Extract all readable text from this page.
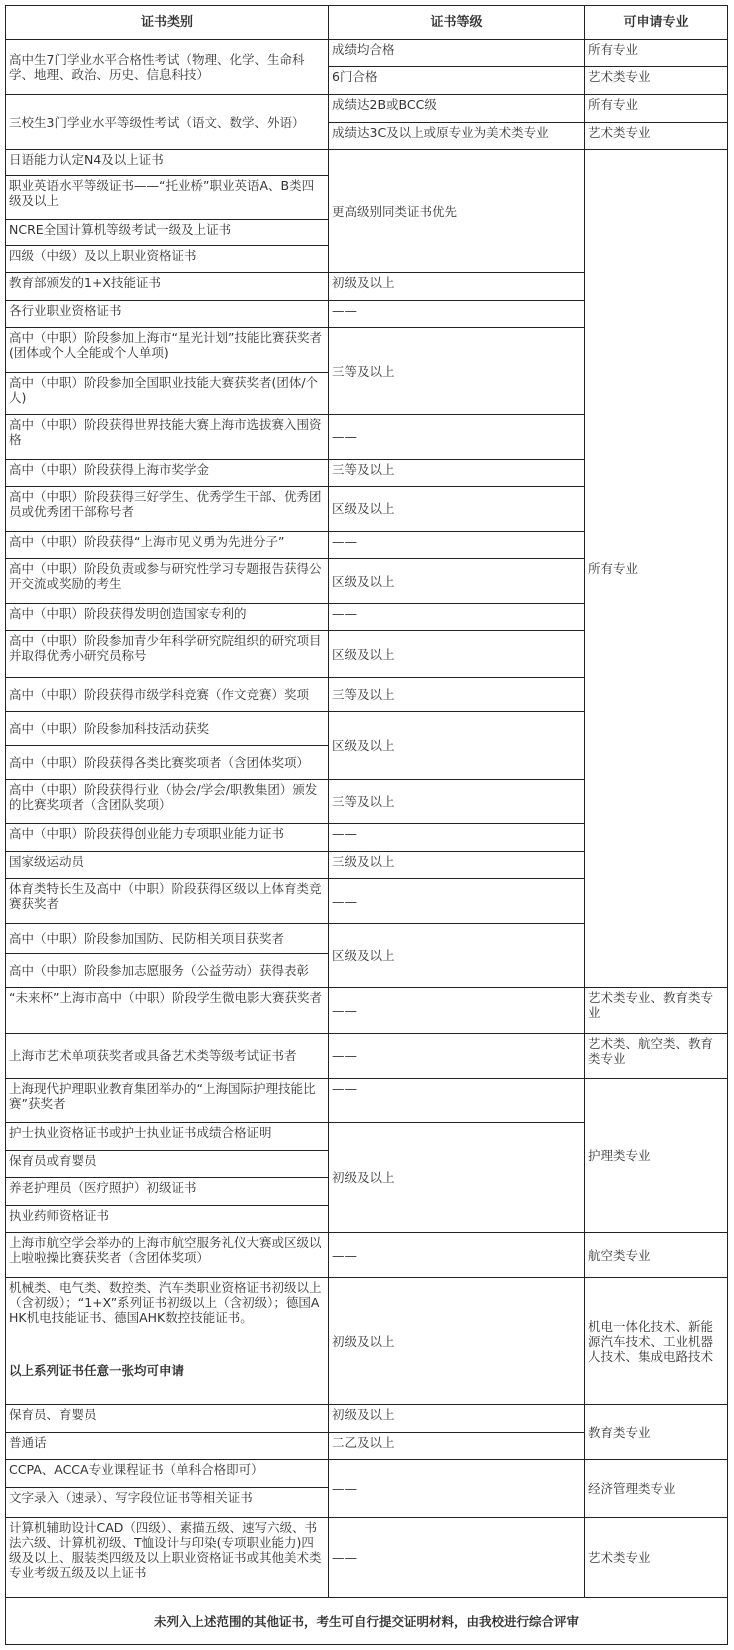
证书类别	证书等级	可申请专业
高中生7门学业水平合格性考试（物理、化学、生命科学、地理、政治、历史、信息科技）	成绩均合格	所有专业
	6门合格	艺术类专业
三校生3门学业水平等级性考试（语文、数学、外语）	成绩达2B或BCC级	所有专业
	成绩达3C及以上或原专业为美术类专业	艺术类专业
日语能力认定N4及以上证书	更高级别同类证书优先	所有专业
职业英语水平等级证书——“托业桥”职业英语A、B类四级及以上		
NCRE全国计算机等级考试一级及上证书		
四级（中级）及以上职业资格证书		
教育部颁发的1+X技能证书	初级及以上	
各行业职业资格证书	——	
高中（中职）阶段参加上海市“星光计划”技能比赛获奖者(团体或个人全能或个人单项)	三等及以上	
高中（中职）阶段参加全国职业技能大赛获奖者(团体/个人)		
高中（中职）阶段获得世界技能大赛上海市选拔赛入围资格	——	
高中（中职）阶段获得上海市奖学金	三等及以上	
高中（中职）阶段获得三好学生、优秀学生干部、优秀团员或优秀团干部称号者	区级及以上	
高中（中职）阶段获得“上海市见义勇为先进分子”	——	
高中（中职）阶段负责或参与研究性学习专题报告获得公开交流或奖励的考生	区级及以上	
高中（中职）阶段获得发明创造国家专利的	——	
高中（中职）阶段参加青少年科学研究院组织的研究项目并取得优秀小研究员称号	区级及以上	
高中（中职）阶段获得市级学科竞赛（作文竞赛）奖项	三等及以上	
高中（中职）阶段参加科技活动获奖	区级及以上	
高中（中职）阶段获得各类比赛奖项者（含团体奖项）		
高中（中职）阶段获得行业（协会/学会/职教集团）颁发的比赛奖项者（含团队奖项）	三等及以上	
高中（中职）阶段获得创业能力专项职业能力证书	——	
国家级运动员	三级及以上	
体育类特长生及高中（中职）阶段获得区级以上体育类竞赛获奖者	——	
高中（中职）阶段参加国防、民防相关项目获奖者	区级及以上	
高中（中职）阶段参加志愿服务（公益劳动）获得表彰		
“未来杯”上海市高中（中职）阶段学生微电影大赛获奖者	——	艺术类专业、教育类专业
上海市艺术单项获奖者或具备艺术类等级考试证书者	——	艺术类、航空类、教育类专业
上海现代护理职业教育集团举办的“上海国际护理技能比赛”获奖者	——	护理类专业
护士执业资格证书或护士执业证书成绩合格证明	初级及以上	
保育员或育婴员		
养老护理员（医疗照护）初级证书		
执业药师资格证书		
上海市航空学会举办的上海市航空服务礼仪大赛或区级以上啦啦操比赛获奖者（含团体奖项）	——	航空类专业
机械类、电气类、数控类、汽车类职业资格证书初级以上（含初级）；“1+X”系列证书初级以上（含初级）；德国AHK机电技能证书、德国AHK数控技能证书。
以上系列证书任意一张均可申请	初级及以上	机电一体化技术、新能源汽车技术、工业机器人技术、集成电路技术
保育员、育婴员	初级及以上	教育类专业
普通话	二乙及以上	
CCPA、ACCA专业课程证书（单科合格即可）	——	经济管理类专业
文字录入（速录）、写字段位证书等相关证书		
计算机辅助设计CAD（四级）、素描五级、速写六级、书法六级、计算机初级、T恤设计与印染(专项职业能力)四级及以上、服装类四级及以上职业资格证书或其他美术类专业考级五级及以上证书	——	艺术类专业
未列入上述范围的其他证书，考生可自行提交证明材料，由我校进行综合评审		
